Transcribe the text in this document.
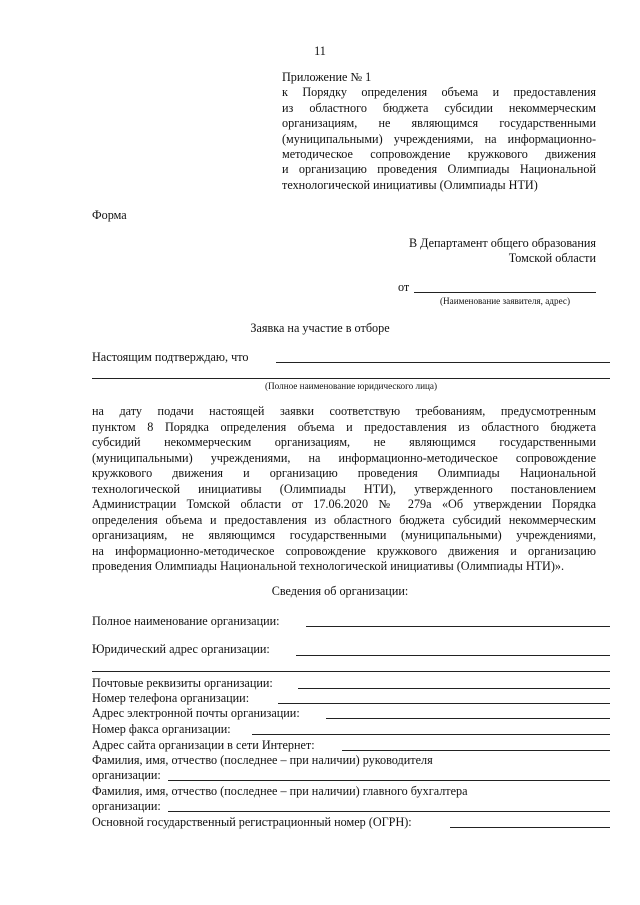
11
Приложение № 1
к Порядку определения объема и предоставления
из областного бюджета субсидии некоммерческим
организациям, не являющимся государственными
(муниципальными) учреждениями, на информационно-
методическое сопровождение кружкового движения
и организацию проведения Олимпиады Национальной
технологической инициативы (Олимпиады НТИ)
Форма
В Департамент общего образования
Томской области
от
(Наименование заявителя, адрес)
Заявка на участие в отборе
Настоящим подтверждаю, что
(Полное наименование юридического лица)
на дату подачи настоящей заявки соответствую требованиям, предусмотренным
пунктом 8 Порядка определения объема и предоставления из областного бюджета
субсидий некоммерческим организациям, не являющимся государственными
(муниципальными) учреждениями, на информационно-методическое сопровождение
кружкового движения и организацию проведения Олимпиады Национальной
технологической инициативы (Олимпиады НТИ), утвержденного постановлением
Администрации Томской области от 17.06.2020 № 279а «Об утверждении Порядка
определения объема и предоставления из областного бюджета субсидий некоммерческим
организациям, не являющимся государственными (муниципальными) учреждениями,
на информационно-методическое сопровождение кружкового движения и организацию
проведения Олимпиады Национальной технологической инициативы (Олимпиады НТИ)».
Сведения об организации:
Полное наименование организации:
Юридический адрес организации:
Почтовые реквизиты организации:
Номер телефона организации:
Адрес электронной почты организации:
Номер факса организации:
Адрес сайта организации в сети Интернет:
Фамилия, имя, отчество (последнее – при наличии) руководителя
организации:
Фамилия, имя, отчество (последнее – при наличии) главного бухгалтера
организации:
Основной государственный регистрационный номер (ОГРН):
